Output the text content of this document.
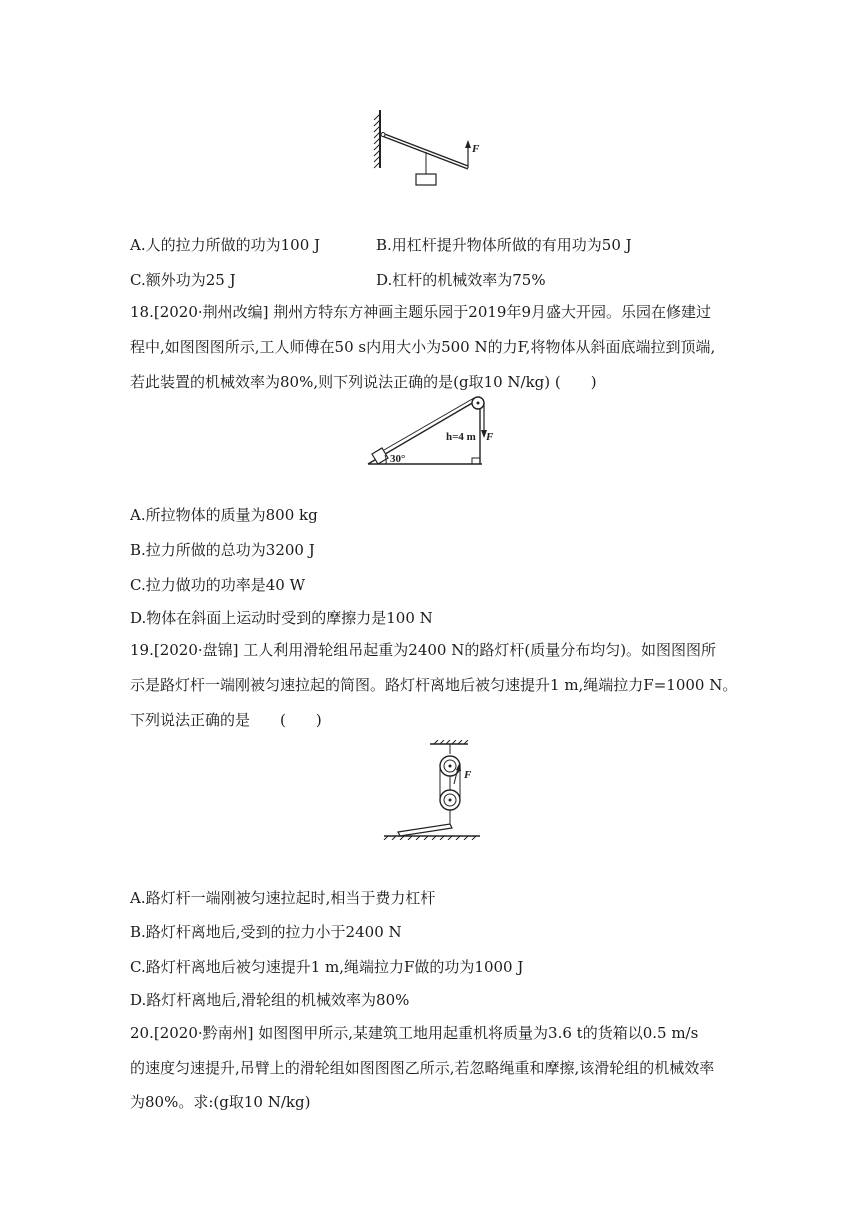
F
A.人的拉力所做的功为100 J	B.用杠杆提升物体所做的有用功为50 J
C.额外功为25 J	D.杠杆的机械效率为75%
18.[2020·荆州改编] 荆州方特东方神画主题乐园于2019年9月盛大开园。乐园在修建过
程中,如图图图所示,工人师傅在50 s内用大小为500 N的力F,将物体从斜面底端拉到顶端,
若此装置的机械效率为80%,则下列说法正确的是(g取10 N/kg) (　　)
h=4 m F
30°
A.所拉物体的质量为800 kg
B.拉力所做的总功为3200 J
C.拉力做功的功率是40 W
D.物体在斜面上运动时受到的摩擦力是100 N
19.[2020·盘锦] 工人利用滑轮组吊起重为2400 N的路灯杆(质量分布均匀)。如图图图所
示是路灯杆一端刚被匀速拉起的简图。路灯杆离地后被匀速提升1 m,绳端拉力F=1000 N。
下列说法正确的是　　(　　)
F
A.路灯杆一端刚被匀速拉起时,相当于费力杠杆
B.路灯杆离地后,受到的拉力小于2400 N
C.路灯杆离地后被匀速提升1 m,绳端拉力F做的功为1000 J
D.路灯杆离地后,滑轮组的机械效率为80%
20.[2020·黔南州] 如图图甲所示,某建筑工地用起重机将质量为3.6 t的货箱以0.5 m/s
的速度匀速提升,吊臂上的滑轮组如图图图乙所示,若忽略绳重和摩擦,该滑轮组的机械效率
为80%。求:(g取10 N/kg)
